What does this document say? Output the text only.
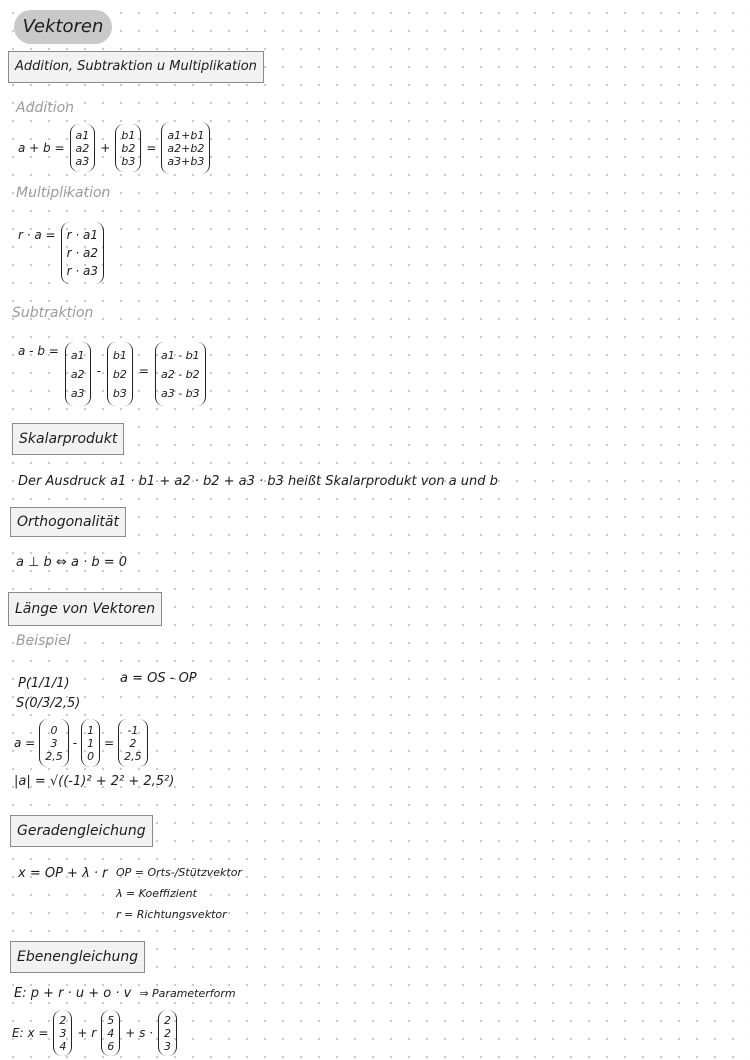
Vektoren
Addition, Subtraktion u Multiplikation
Addition
a + b =
a1
a2
a3
+
b1
b2
b3
=
a1+b1
a2+b2
a3+b3
Multiplikation
r · a = r · a1
r · a2
r · a3
Subtraktion
a - b = a1
a2
a3
-
b1
b2
b3
=
a1 - b1
a2 - b2
a3 - b3
Skalarprodukt
Der Ausdruck a1 · b1 + a2 · b2 + a3 · b3 heißt Skalarprodukt von a und b
Orthogonalität
a ⊥ b ⇔ a · b = 0
Länge von Vektoren
Beispiel
P(1/1/1)
S(0/3/2,5)
a = OS - OP
a =
0
3
2,5
-
1
1
0
=
-1
2
2,5
|a| = √((-1)² + 2² + 2,5²)
Geradengleichung
x = OP + λ · r OP = Orts-/Stützvektor
λ = Koeffizient
r = Richtungsvektor
Ebenengleichung
E: p + r · u + o · v ⇒ Parameterform
E: x =
2
3
4
+ r
5
4
6
+ s ·
2
2
3
